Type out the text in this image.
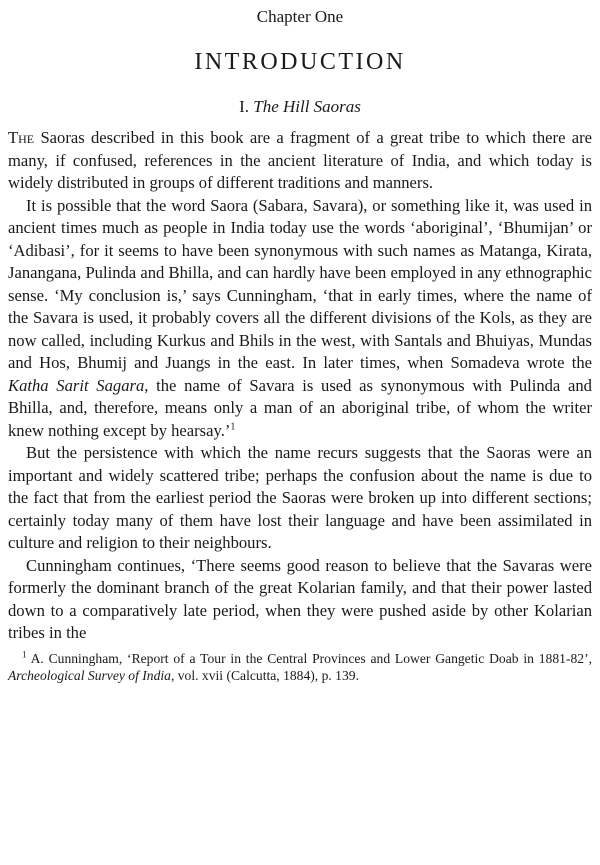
Chapter One
INTRODUCTION
I. The Hill Saoras

The Saoras described in this book are a fragment of a great tribe to which there are many, if confused, references in the ancient literature of India, and which today is widely distributed in groups of different traditions and manners.

It is possible that the word Saora (Sabara, Savara), or something like it, was used in ancient times much as people in India today use the words ‘aboriginal’, ‘Bhumijan’ or ‘Adibasi’, for it seems to have been synonymous with such names as Matanga, Kirata, Janangana, Pulinda and Bhilla, and can hardly have been employed in any ethnographic sense. ‘My conclusion is,’ says Cunningham, ‘that in early times, where the name of the Savara is used, it probably covers all the different divisions of the Kols, as they are now called, including Kurkus and Bhils in the west, with Santals and Bhuiyas, Mundas and Hos, Bhumij and Juangs in the east. In later times, when Somadeva wrote the Katha Sarit Sagara, the name of Savara is used as synonymous with Pulinda and Bhilla, and, therefore, means only a man of an aboriginal tribe, of whom the writer knew nothing except by hearsay.’$^1$

But the persistence with which the name recurs suggests that the Saoras were an important and widely scattered tribe; perhaps the confusion about the name is due to the fact that from the earliest period the Saoras were broken up into different sections; certainly today many of them have lost their language and have been assimilated in culture and religion to their neighbours.

Cunningham continues, ‘There seems good reason to believe that the Savaras were formerly the dominant branch of the great Kolarian family, and that their power lasted down to a comparatively late period, when they were pushed aside by other Kolarian tribes in the

$^1$ A. Cunningham, ‘Report of a Tour in the Central Provinces and Lower Gangetic Doab in 1881-82’, Archeological Survey of India, vol. xvii (Calcutta, 1884), p. 139.
